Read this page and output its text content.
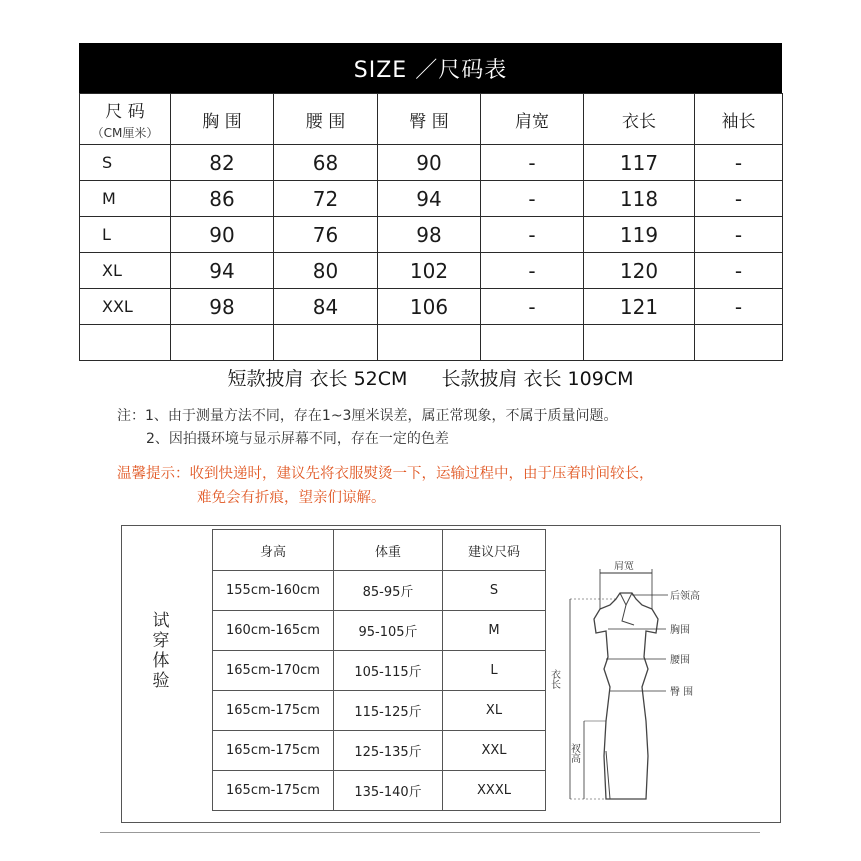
SIZE ／尺码表
尺 码
（CM厘米）	胸 围	腰 围	臀 围	肩宽	衣长	袖长
S	82	68	90	-	117	-
M	86	72	94	-	118	-
L	90	76	98	-	119	-
XL	94	80	102	-	120	-
XXL	98	84	106	-	121	-

短款披肩 衣长 52CM 长款披肩 衣长 109CM
注：1、由于测量方法不同，存在1~3厘米误差，属正常现象，不属于质量问题。
2、因拍摄环境与显示屏幕不同，存在一定的色差
温馨提示：收到快递时，建议先将衣服熨烫一下，运输过程中，由于压着时间较长，
难免会有折痕，望亲们谅解。
试穿体验
身高	体重	建议尺码
155cm-160cm	85-95斤	S
160cm-165cm	95-105斤	M
165cm-170cm	105-115斤	L
165cm-175cm	115-125斤	XL
165cm-175cm	125-135斤	XXL
165cm-175cm	135-140斤	XXXL
肩宽
后领高
胸围
腰围
臀 围
衣长
衩高
